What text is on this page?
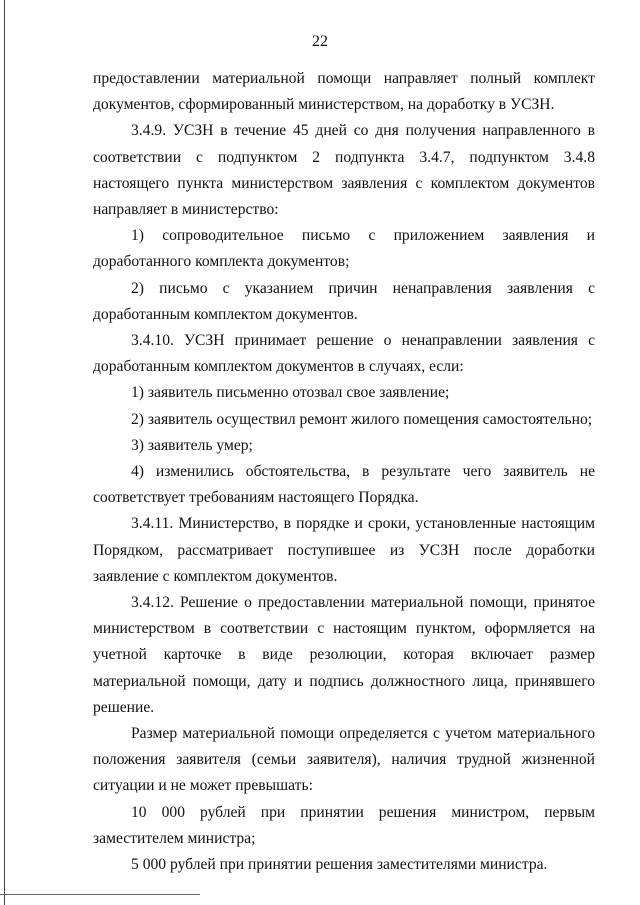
22

предоставлении материальной помощи направляет полный комплект документов, сформированный министерством, на доработку в УСЗН.

3.4.9. УСЗН в течение 45 дней со дня получения направленного в соответствии с подпунктом 2 подпункта 3.4.7, подпунктом 3.4.8 настоящего пункта министерством заявления с комплектом документов направляет в министерство:

1) сопроводительное письмо с приложением заявления и доработанного комплекта документов;

2) письмо с указанием причин ненаправления заявления с доработанным комплектом документов.

3.4.10. УСЗН принимает решение о ненаправлении заявления с доработанным комплектом документов в случаях, если:

1) заявитель письменно отозвал свое заявление;

2) заявитель осуществил ремонт жилого помещения самостоятельно;

3) заявитель умер;

4) изменились обстоятельства, в результате чего заявитель не соответствует требованиям настоящего Порядка.

3.4.11. Министерство, в порядке и сроки, установленные настоящим Порядком, рассматривает поступившее из УСЗН после доработки заявление с комплектом документов.

3.4.12. Решение о предоставлении материальной помощи, принятое министерством в соответствии с настоящим пунктом, оформляется на учетной карточке в виде резолюции, которая включает размер материальной помощи, дату и подпись должностного лица, принявшего решение.

Размер материальной помощи определяется с учетом материального положения заявителя (семьи заявителя), наличия трудной жизненной ситуации и не может превышать:

10 000 рублей при принятии решения министром, первым заместителем министра;

5 000 рублей при принятии решения заместителями министра.
